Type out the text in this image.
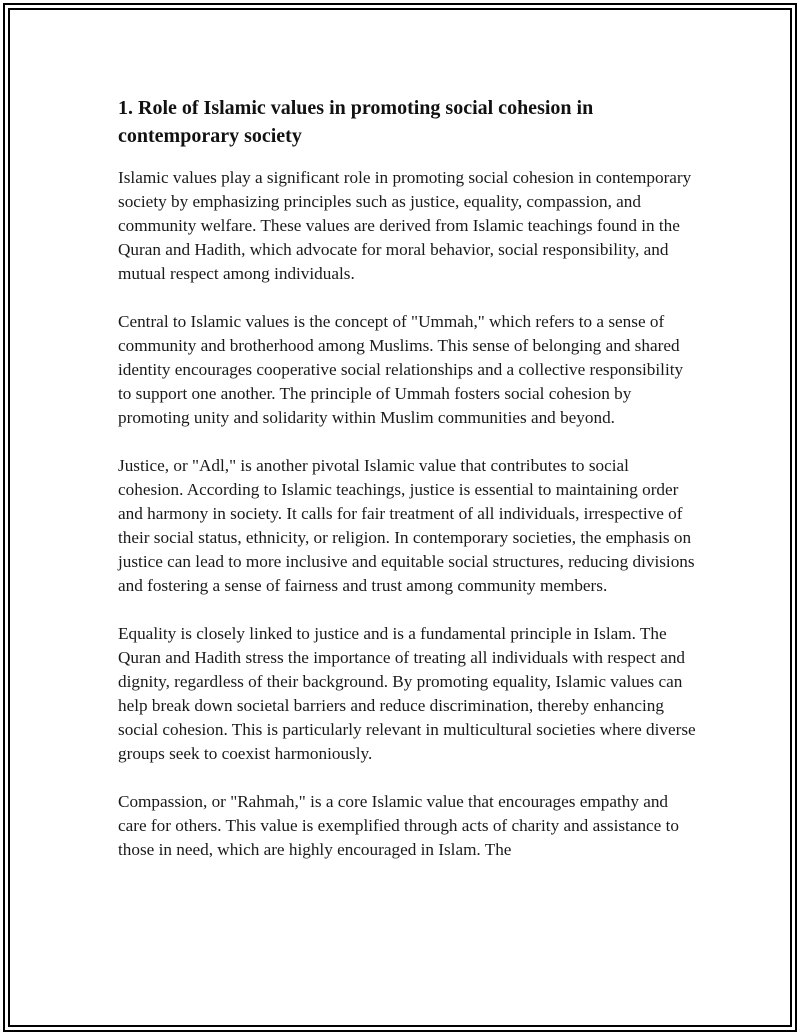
1. Role of Islamic values in promoting social cohesion in contemporary society

Islamic values play a significant role in promoting social cohesion in contemporary society by emphasizing principles such as justice, equality, compassion, and community welfare. These values are derived from Islamic teachings found in the Quran and Hadith, which advocate for moral behavior, social responsibility, and mutual respect among individuals.

Central to Islamic values is the concept of "Ummah," which refers to a sense of community and brotherhood among Muslims. This sense of belonging and shared identity encourages cooperative social relationships and a collective responsibility to support one another. The principle of Ummah fosters social cohesion by promoting unity and solidarity within Muslim communities and beyond.

Justice, or "Adl," is another pivotal Islamic value that contributes to social cohesion. According to Islamic teachings, justice is essential to maintaining order and harmony in society. It calls for fair treatment of all individuals, irrespective of their social status, ethnicity, or religion. In contemporary societies, the emphasis on justice can lead to more inclusive and equitable social structures, reducing divisions and fostering a sense of fairness and trust among community members.

Equality is closely linked to justice and is a fundamental principle in Islam. The Quran and Hadith stress the importance of treating all individuals with respect and dignity, regardless of their background. By promoting equality, Islamic values can help break down societal barriers and reduce discrimination, thereby enhancing social cohesion. This is particularly relevant in multicultural societies where diverse groups seek to coexist harmoniously.

Compassion, or "Rahmah," is a core Islamic value that encourages empathy and care for others. This value is exemplified through acts of charity and assistance to those in need, which are highly encouraged in Islam. The
